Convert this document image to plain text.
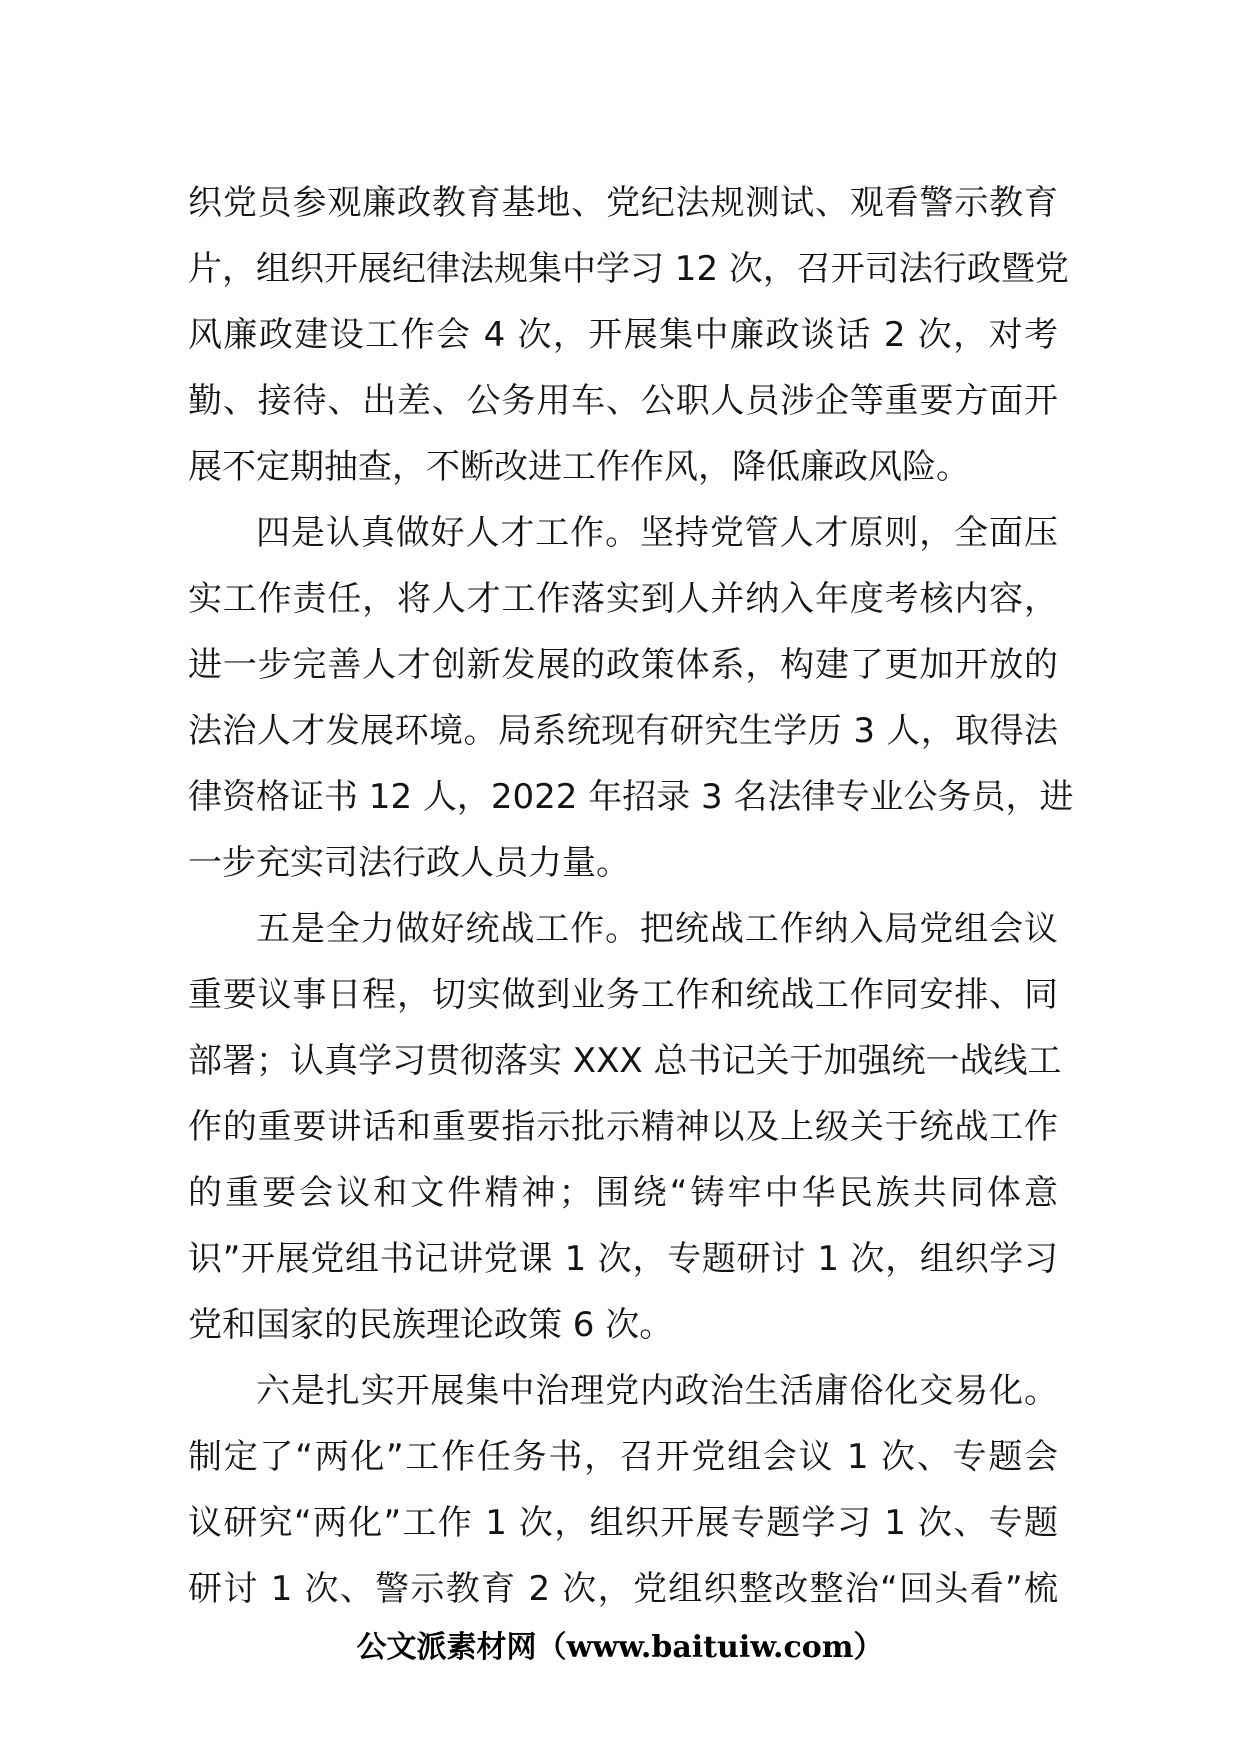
织党员参观廉政教育基地、党纪法规测试、观看警示教育
片，组织开展纪律法规集中学习 12 次，召开司法行政暨党
风廉政建设工作会 4 次，开展集中廉政谈话 2 次，对考
勤、接待、出差、公务用车、公职人员涉企等重要方面开
展不定期抽查，不断改进工作作风，降低廉政风险。
四是认真做好人才工作。坚持党管人才原则，全面压
实工作责任，将人才工作落实到人并纳入年度考核内容，
进一步完善人才创新发展的政策体系，构建了更加开放的
法治人才发展环境。局系统现有研究生学历 3 人，取得法
律资格证书 12 人，2022 年招录 3 名法律专业公务员，进
一步充实司法行政人员力量。
五是全力做好统战工作。把统战工作纳入局党组会议
重要议事日程，切实做到业务工作和统战工作同安排、同
部署；认真学习贯彻落实 XXX 总书记关于加强统一战线工
作的重要讲话和重要指示批示精神以及上级关于统战工作
的重要会议和文件精神；围绕“铸牢中华民族共同体意
识”开展党组书记讲党课 1 次，专题研讨 1 次，组织学习
党和国家的民族理论政策 6 次。
六是扎实开展集中治理党内政治生活庸俗化交易化。
制定了“两化”工作任务书，召开党组会议 1 次、专题会
议研究“两化”工作 1 次，组织开展专题学习 1 次、专题
研讨 1 次、警示教育 2 次，党组织整改整治“回头看”梳
公文派素材网（www.baituiw.com）
